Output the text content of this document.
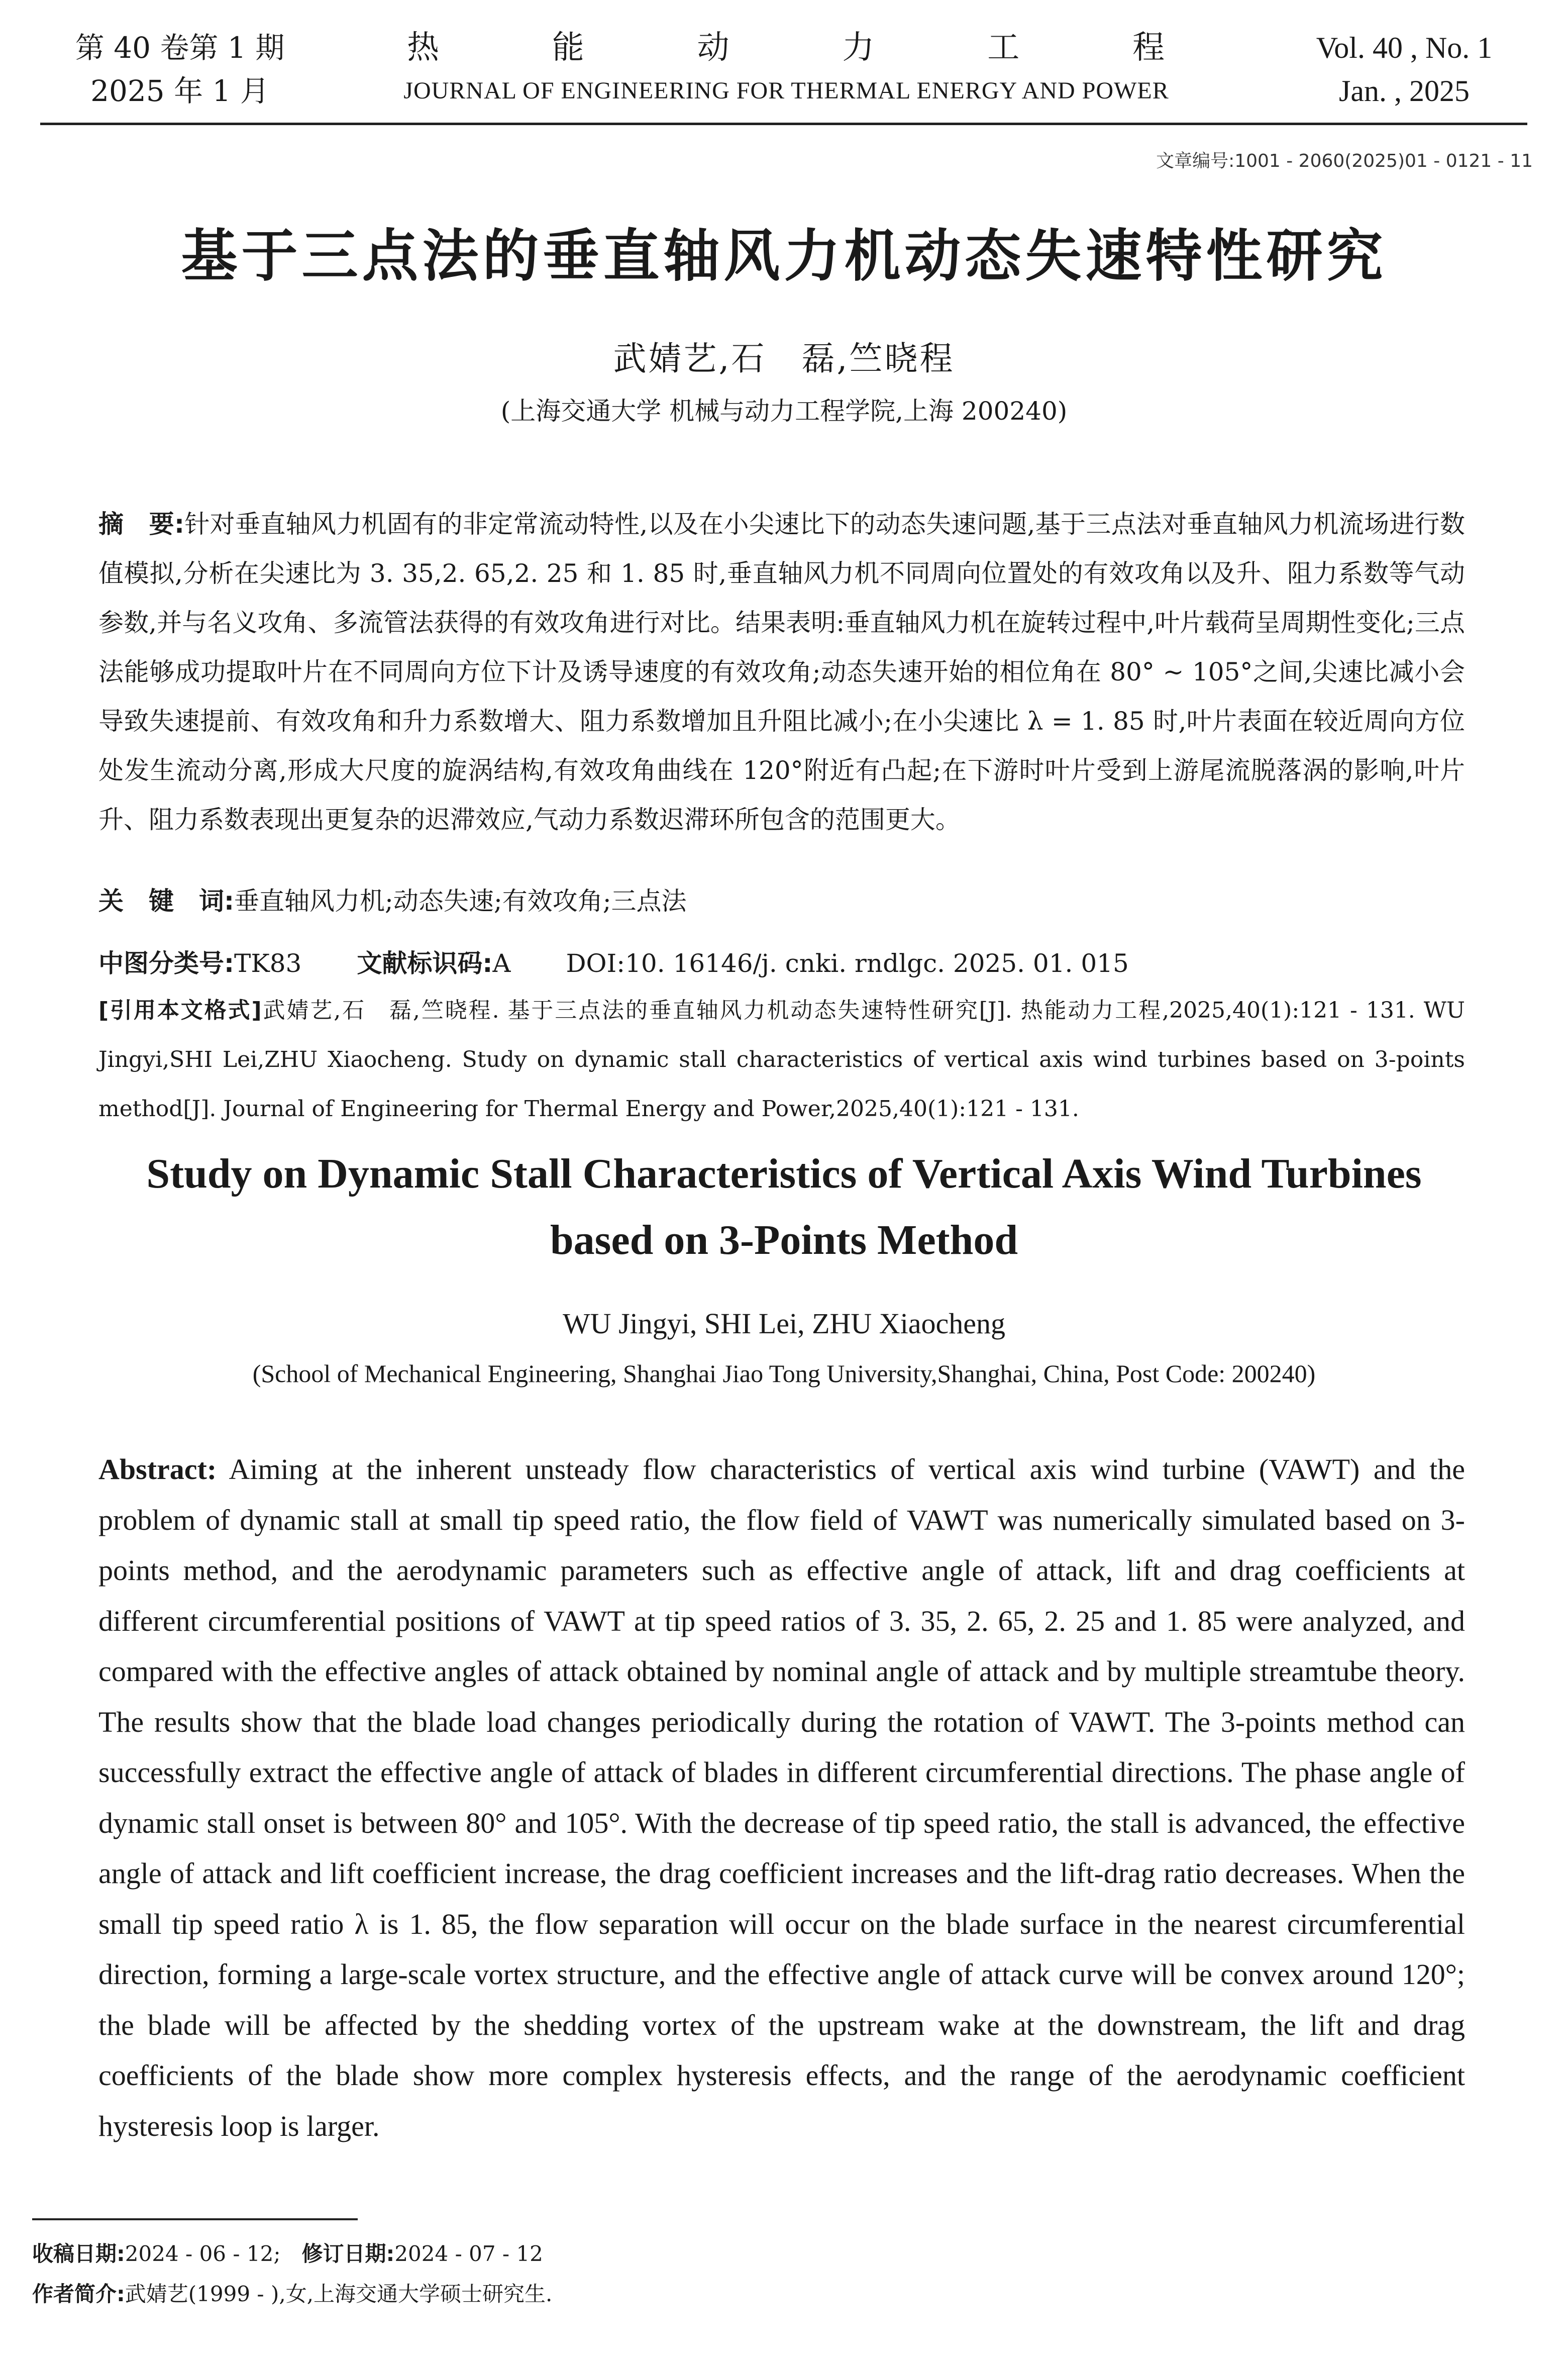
第 40 卷第 1 期
2025 年 1 月
热	能	动	力	工	程
JOURNAL OF ENGINEERING FOR THERMAL ENERGY AND POWER
Vol. 40 , No. 1
Jan. , 2025
文章编号:1001 - 2060(2025)01 - 0121 - 11
基于三点法的垂直轴风力机动态失速特性研究
武婧艺,石　磊,竺晓程
(上海交通大学 机械与动力工程学院,上海 200240)
摘　要:针对垂直轴风力机固有的非定常流动特性,以及在小尖速比下的动态失速问题,基于三点法对垂直轴风力机流场进行数值模拟,分析在尖速比为 3. 35,2. 65,2. 25 和 1. 85 时,垂直轴风力机不同周向位置处的有效攻角以及升、阻力系数等气动参数,并与名义攻角、多流管法获得的有效攻角进行对比。结果表明:垂直轴风力机在旋转过程中,叶片载荷呈周期性变化;三点法能够成功提取叶片在不同周向方位下计及诱导速度的有效攻角;动态失速开始的相位角在 80° ~ 105°之间,尖速比减小会导致失速提前、有效攻角和升力系数增大、阻力系数增加且升阻比减小;在小尖速比 λ = 1. 85 时,叶片表面在较近周向方位处发生流动分离,形成大尺度的旋涡结构,有效攻角曲线在 120°附近有凸起;在下游时叶片受到上游尾流脱落涡的影响,叶片升、阻力系数表现出更复杂的迟滞效应,气动力系数迟滞环所包含的范围更大。
关　键　词:垂直轴风力机;动态失速;有效攻角;三点法
中图分类号:TK83 文献标识码:A DOI:10. 16146/j. cnki. rndlgc. 2025. 01. 015
[引用本文格式]武婧艺,石　磊,竺晓程. 基于三点法的垂直轴风力机动态失速特性研究[J]. 热能动力工程,2025,40(1):121 - 131. WU Jingyi,SHI Lei,ZHU Xiaocheng. Study on dynamic stall characteristics of vertical axis wind turbines based on 3-points method[J]. Journal of Engineering for Thermal Energy and Power,2025,40(1):121 - 131.
Study on Dynamic Stall Characteristics of Vertical Axis Wind Turbines
based on 3-Points Method
WU Jingyi, SHI Lei, ZHU Xiaocheng
(School of Mechanical Engineering, Shanghai Jiao Tong University,Shanghai, China, Post Code: 200240)
Abstract: Aiming at the inherent unsteady flow characteristics of vertical axis wind turbine (VAWT) and the problem of dynamic stall at small tip speed ratio, the flow field of VAWT was numerically simulated based on 3-points method, and the aerodynamic parameters such as effective angle of attack, lift and drag coefficients at different circumferential positions of VAWT at tip speed ratios of 3. 35, 2. 65, 2. 25 and 1. 85 were analyzed, and compared with the effective angles of attack obtained by nominal angle of attack and by multiple streamtube theory. The results show that the blade load changes periodically during the rotation of VAWT. The 3-points method can successfully extract the effective angle of attack of blades in different circumferential directions. The phase angle of dynamic stall onset is between 80° and 105°. With the decrease of tip speed ratio, the stall is advanced, the effective angle of attack and lift coefficient increase, the drag coefficient increases and the lift-drag ratio decreases. When the small tip speed ratio λ is 1. 85, the flow separation will occur on the blade surface in the nearest circumferential direction, forming a large-scale vortex structure, and the effective angle of attack curve will be convex around 120°; the blade will be affected by the shedding vortex of the upstream wake at the downstream, the lift and drag coefficients of the blade show more complex hysteresis effects, and the range of the aerodynamic coefficient hysteresis loop is larger.
收稿日期:2024 - 06 - 12;　 修订日期:2024 - 07 - 12
作者简介:武婧艺(1999 - ),女,上海交通大学硕士研究生.
